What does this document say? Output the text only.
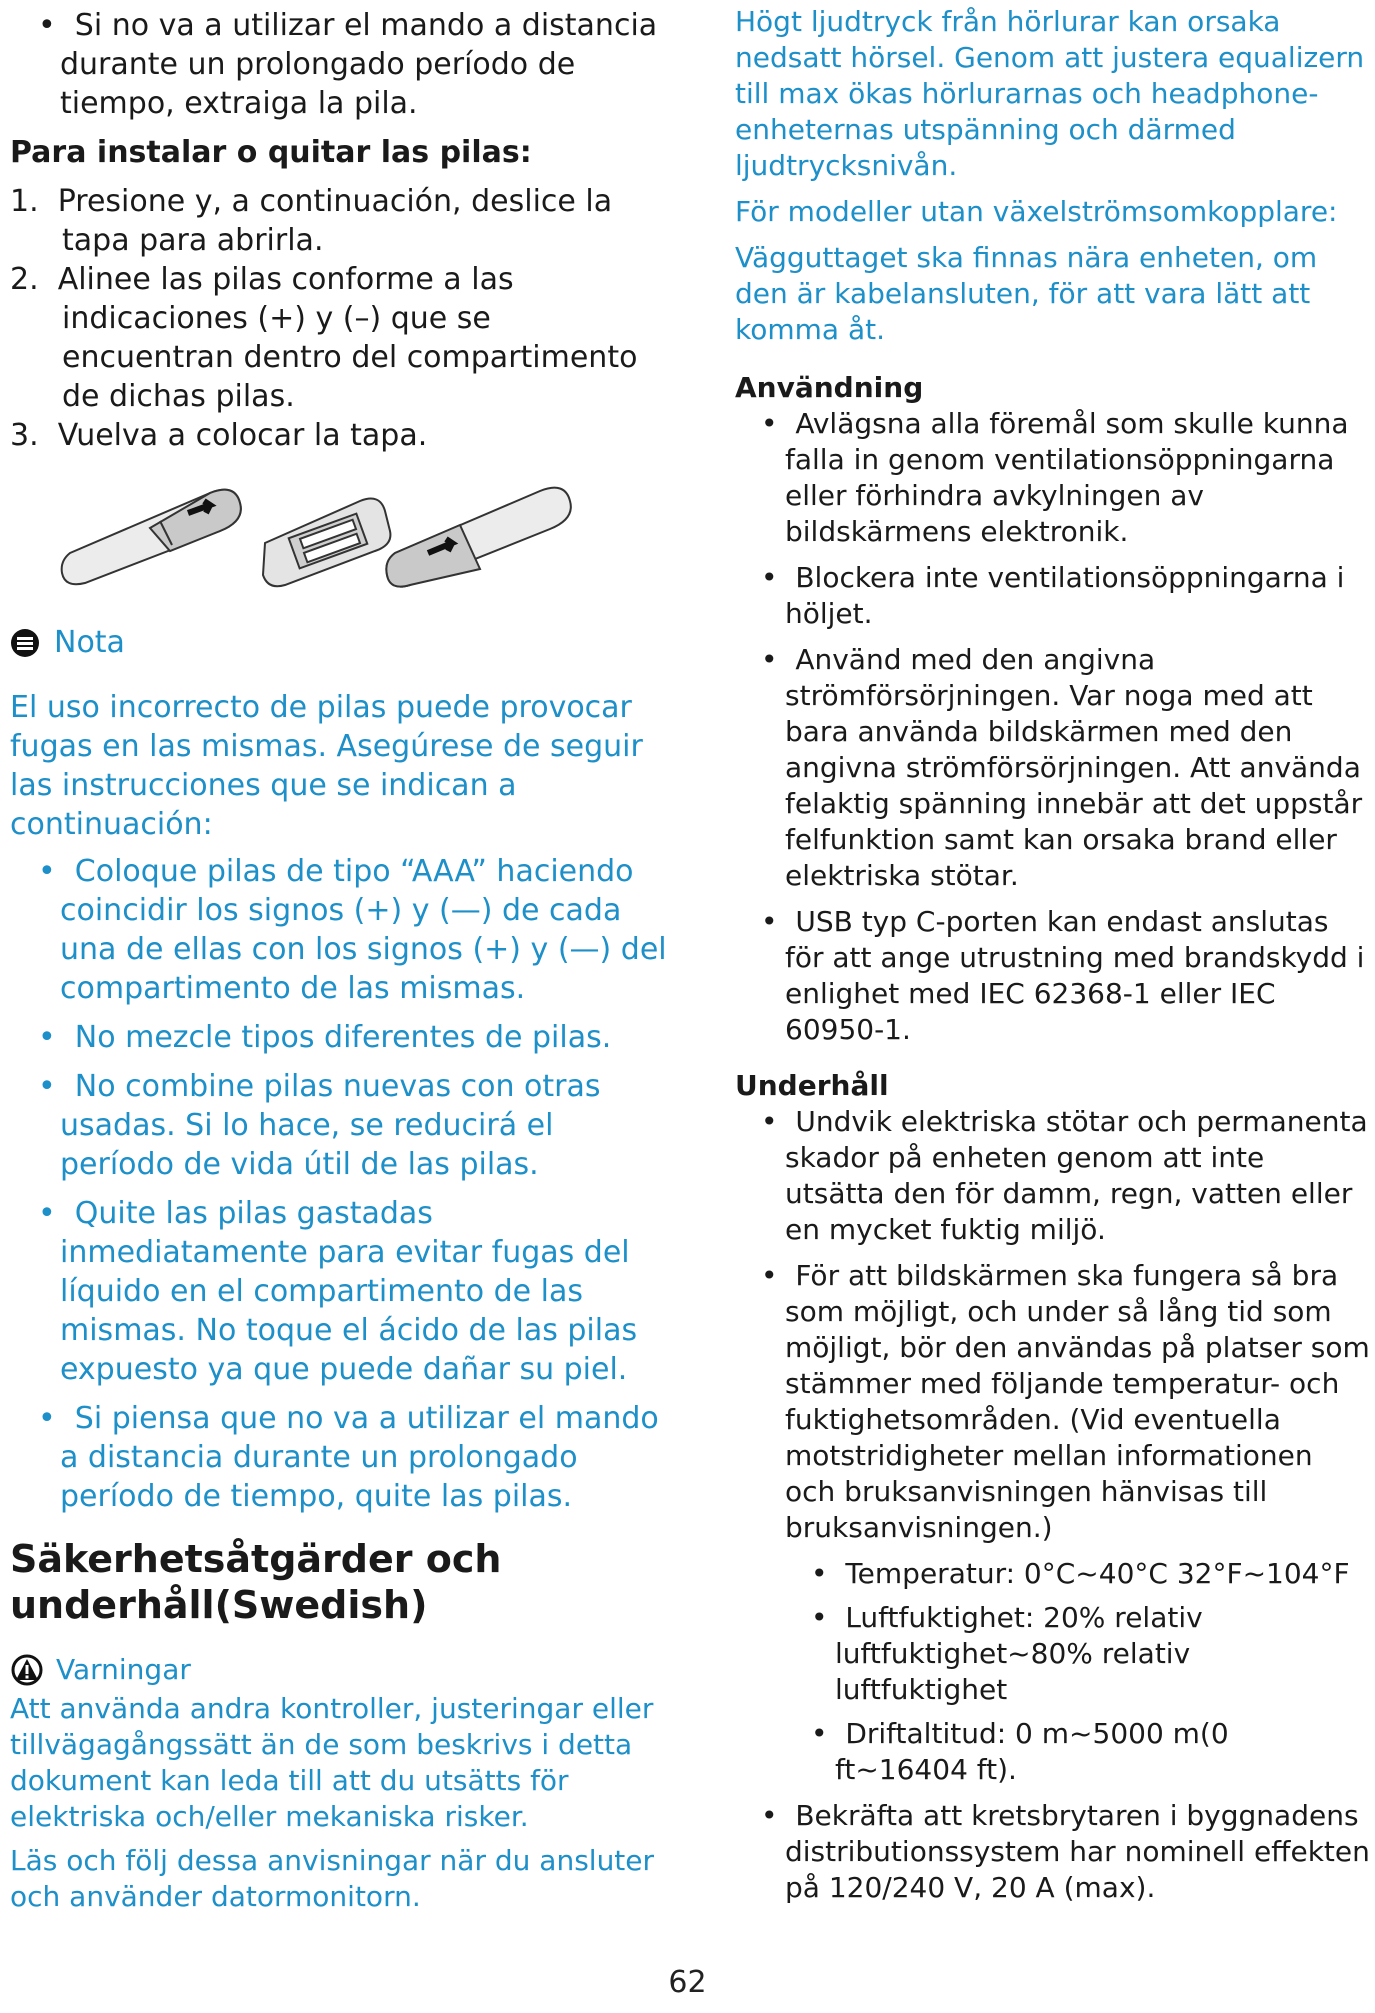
• Si no va a utilizar el mando a distancia durante un prolongado período de tiempo, extraiga la pila.
Para instalar o quitar las pilas:
1. Presione y, a continuación, deslice la tapa para abrirla.
2. Alinee las pilas conforme a las indicaciones (+) y (–) que se encuentran dentro del compartimento de dichas pilas.
3. Vuelva a colocar la tapa.
Nota
El uso incorrecto de pilas puede provocar fugas en las mismas. Asegúrese de seguir las instrucciones que se indican a continuación:
• Coloque pilas de tipo “AAA” haciendo coincidir los signos (+) y (—) de cada una de ellas con los signos (+) y (—) del compartimento de las mismas.
• No mezcle tipos diferentes de pilas.
• No combine pilas nuevas con otras usadas. Si lo hace, se reducirá el período de vida útil de las pilas.
• Quite las pilas gastadas inmediatamente para evitar fugas del líquido en el compartimento de las mismas. No toque el ácido de las pilas expuesto ya que puede dañar su piel.
• Si piensa que no va a utilizar el mando a distancia durante un prolongado período de tiempo, quite las pilas.
Säkerhetsåtgärder och
underhåll(Swedish)
Varningar
Att använda andra kontroller, justeringar eller tillvägagångssätt än de som beskrivs i detta dokument kan leda till att du utsätts för elektriska och/eller mekaniska risker.
Läs och följ dessa anvisningar när du ansluter och använder datormonitorn.
Högt ljudtryck från hörlurar kan orsaka nedsatt hörsel. Genom att justera equalizern till max ökas hörlurarnas och headphone-enheternas utspänning och därmed ljudtrycksnivån.
För modeller utan växelströmsomkopplare:
Vägguttaget ska finnas nära enheten, om den är kabelansluten, för att vara lätt att komma åt.
Användning
• Avlägsna alla föremål som skulle kunna falla in genom ventilationsöppningarna eller förhindra avkylningen av bildskärmens elektronik.
• Blockera inte ventilationsöppningarna i höljet.
• Använd med den angivna strömförsörjningen. Var noga med att bara använda bildskärmen med den angivna strömförsörjningen. Att använda felaktig spänning innebär att det uppstår felfunktion samt kan orsaka brand eller elektriska stötar.
• USB typ C-porten kan endast anslutas för att ange utrustning med brandskydd i enlighet med IEC 62368-1 eller IEC 60950-1.
Underhåll
• Undvik elektriska stötar och permanenta skador på enheten genom att inte utsätta den för damm, regn, vatten eller en mycket fuktig miljö.
• För att bildskärmen ska fungera så bra som möjligt, och under så lång tid som möjligt, bör den användas på platser som stämmer med följande temperatur- och fuktighetsområden. (Vid eventuella motstridigheter mellan informationen och bruksanvisningen hänvisas till bruksanvisningen.)
• Temperatur: 0°C~40°C 32°F~104°F
• Luftfuktighet: 20% relativ luftfuktighet~80% relativ luftfuktighet
• Driftaltitud: 0 m~5000 m(0 ft~16404 ft).
• Bekräfta att kretsbrytaren i byggnadens distributionssystem har nominell effekten på 120/240 V, 20 A (max).
62
